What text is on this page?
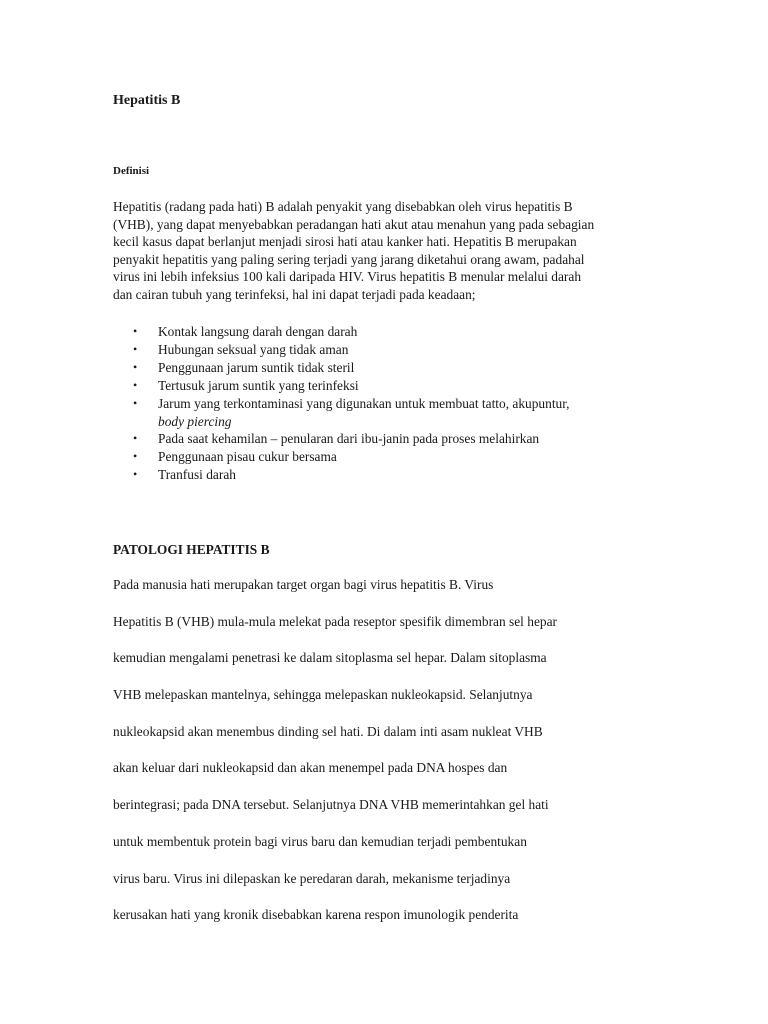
Hepatitis B
Definisi

Hepatitis (radang pada hati) B adalah penyakit yang disebabkan oleh virus hepatitis B
(VHB), yang dapat menyebabkan peradangan hati akut atau menahun yang pada sebagian
kecil kasus dapat berlanjut menjadi sirosi hati atau kanker hati. Hepatitis B merupakan
penyakit hepatitis yang paling sering terjadi yang jarang diketahui orang awam, padahal
virus ini lebih infeksius 100 kali daripada HIV. Virus hepatitis B menular melalui darah
dan cairan tubuh yang terinfeksi, hal ini dapat terjadi pada keadaan;

• Kontak langsung darah dengan darah
• Hubungan seksual yang tidak aman
• Penggunaan jarum suntik tidak steril
• Tertusuk jarum suntik yang terinfeksi
• Jarum yang terkontaminasi yang digunakan untuk membuat tatto, akupuntur,
body piercing
• Pada saat kehamilan – penularan dari ibu-janin pada proses melahirkan
• Penggunaan pisau cukur bersama
• Tranfusi darah
PATOLOGI HEPATITIS B

Pada manusia hati merupakan target organ bagi virus hepatitis B. Virus
Hepatitis B (VHB) mula-mula melekat pada reseptor spesifik dimembran sel hepar
kemudian mengalami penetrasi ke dalam sitoplasma sel hepar. Dalam sitoplasma
VHB melepaskan mantelnya, sehingga melepaskan nukleokapsid. Selanjutnya
nukleokapsid akan menembus dinding sel hati. Di dalam inti asam nukleat VHB
akan keluar dari nukleokapsid dan akan menempel pada DNA hospes dan
berintegrasi; pada DNA tersebut. Selanjutnya DNA VHB memerintahkan gel hati
untuk membentuk protein bagi virus baru dan kemudian terjadi pembentukan
virus baru. Virus ini dilepaskan ke peredaran darah, mekanisme terjadinya
kerusakan hati yang kronik disebabkan karena respon imunologik penderita
